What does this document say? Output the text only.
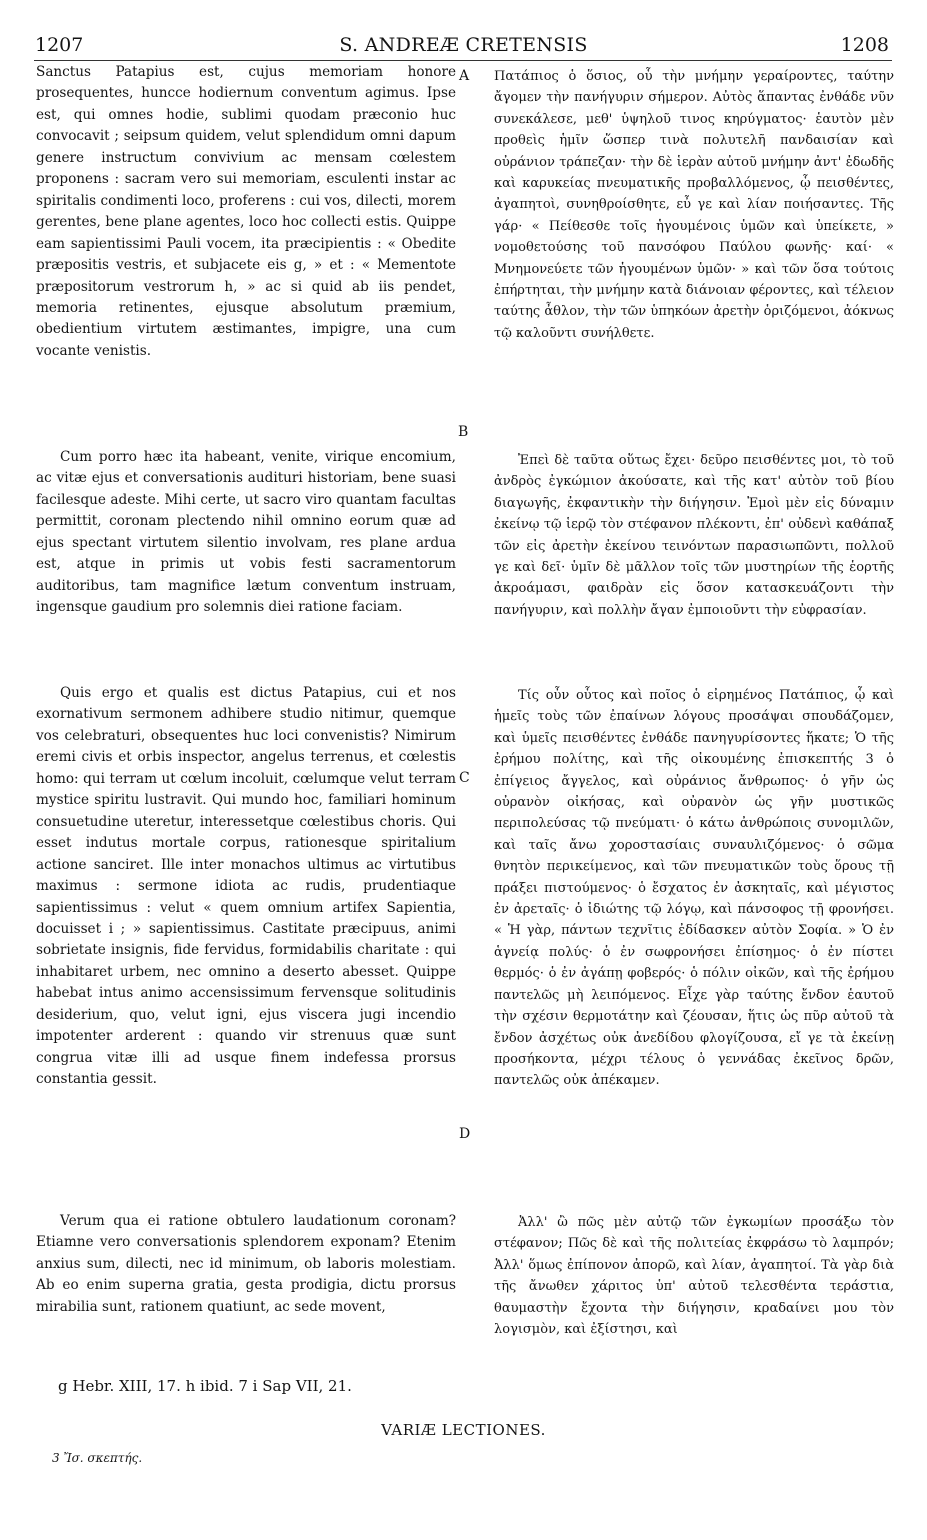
1207	S. ANDREÆ CRETENSIS	1208
A
B
C
D

Sanctus Patapius est, cujus memoriam honore prosequentes, huncce hodiernum conventum agimus. Ipse est, qui omnes hodie, sublimi quodam præconio huc convocavit ; seipsum quidem, velut splendidum omni dapum genere instructum convivium ac mensam cœlestem proponens : sacram vero sui memoriam, esculenti instar ac spiritalis condimenti loco, proferens : cui vos, dilecti, morem gerentes, bene plane agentes, loco hoc collecti estis. Quippe eam sapientissimi Pauli vocem, ita præcipientis : « Obedite præpositis vestris, et subjacete eis g, » et : « Mementote præpositorum vestrorum h, » ac si quid ab iis pendet, memoria retinentes, ejusque absolutum præmium, obedientium virtutem æstimantes, impigre, una cum vocante venistis.

Cum porro hæc ita habeant, venite, virique encomium, ac vitæ ejus et conversationis audituri historiam, bene suasi facilesque adeste. Mihi certe, ut sacro viro quantam facultas permittit, coronam plectendo nihil omnino eorum quæ ad ejus spectant virtutem silentio involvam, res plane ardua est, atque in primis ut vobis festi sacramentorum auditoribus, tam magnifice lætum conventum instruam, ingensque gaudium pro solemnis diei ratione faciam.

Quis ergo et qualis est dictus Patapius, cui et nos exornativum sermonem adhibere studio nitimur, quemque vos celebraturi, obsequentes huc loci convenistis? Nimirum eremi civis et orbis inspector, angelus terrenus, et cœlestis homo: qui terram ut cœlum incoluit, cœlumque velut terram mystice spiritu lustravit. Qui mundo hoc, familiari hominum consuetudine uteretur, interessetque cœlestibus choris. Qui esset indutus mortale corpus, rationesque spiritalium actione sanciret. Ille inter monachos ultimus ac virtutibus maximus : sermone idiota ac rudis, prudentiaque sapientissimus : velut « quem omnium artifex Sapientia, docuisset i ; » sapientissimus. Castitate præcipuus, animi sobrietate insignis, fide fervidus, formidabilis charitate : qui inhabitaret urbem, nec omnino a deserto abesset. Quippe habebat intus animo accensissimum fervensque solitudinis desiderium, quo, velut igni, ejus viscera jugi incendio impotenter arderent : quando vir strenuus quæ sunt congrua vitæ illi ad usque finem indefessa prorsus constantia gessit.

Verum qua ei ratione obtulero laudationum coronam? Etiamne vero conversationis splendorem exponam? Etenim anxius sum, dilecti, nec id minimum, ob laboris molestiam. Ab eo enim superna gratia, gesta prodigia, dictu prorsus mirabilia sunt, rationem quatiunt, ac sede movent,

Πατάπιος ὁ ὅσιος, οὗ τὴν μνήμην γεραίροντες, ταύτην ἄγομεν τὴν πανήγυριν σήμερον. Αὐτὸς ἅπαντας ἐνθάδε νῦν συνεκάλεσε, μεθ' ὑψηλοῦ τινος κηρύγματος· ἑαυτὸν μὲν προθεὶς ἡμῖν ὥσπερ τινὰ πολυτελῆ πανδαισίαν καὶ οὐράνιον τράπεζαν· τὴν δὲ ἱερὰν αὐτοῦ μνήμην ἀντ' ἐδωδῆς καὶ καρυκείας πνευματικῆς προβαλλόμενος, ᾧ πεισθέντες, ἀγαπητοὶ, συνηθροίσθητε, εὖ γε καὶ λίαν ποιήσαντες. Τῆς γάρ· « Πείθεσθε τοῖς ἡγουμένοις ὑμῶν καὶ ὑπείκετε, » νομοθετούσης τοῦ πανσόφου Παύλου φωνῆς· καί· « Μνημονεύετε τῶν ἡγουμένων ὑμῶν· » καὶ τῶν ὅσα τούτοις ἐπήρτηται, τὴν μνήμην κατὰ διάνοιαν φέροντες, καὶ τέλειον ταύτης ἆθλον, τὴν τῶν ὑπηκόων ἀρετὴν ὁριζόμενοι, ἀόκνως τῷ καλοῦντι συνήλθετε.

Ἐπεὶ δὲ ταῦτα οὕτως ἔχει· δεῦρο πεισθέντες μοι, τὸ τοῦ ἀνδρὸς ἐγκώμιον ἀκούσατε, καὶ τῆς κατ' αὐτὸν τοῦ βίου διαγωγῆς, ἐκφαντικὴν τὴν διήγησιν. Ἐμοὶ μὲν εἰς δύναμιν ἐκείνῳ τῷ ἱερῷ τὸν στέφανον πλέκοντι, ἐπ' οὐδενὶ καθάπαξ τῶν εἰς ἀρετὴν ἐκείνου τεινόντων παρασιωπῶντι, πολλοῦ γε καὶ δεῖ· ὑμῖν δὲ μᾶλλον τοῖς τῶν μυστηρίων τῆς ἑορτῆς ἀκροάμασι, φαιδρὰν εἰς ὅσον κατασκευάζοντι τὴν πανήγυριν, καὶ πολλὴν ἄγαν ἐμποιοῦντι τὴν εὐφρασίαν.

Τίς οὖν οὗτος καὶ ποῖος ὁ εἰρημένος Πατάπιος, ᾧ καὶ ἡμεῖς τοὺς τῶν ἐπαίνων λόγους προσάψαι σπουδάζομεν, καὶ ὑμεῖς πεισθέντες ἐνθάδε πανηγυρίσοντες ἥκατε; Ὁ τῆς ἐρήμου πολίτης, καὶ τῆς οἰκουμένης ἐπισκεπτής 3 ὁ ἐπίγειος ἄγγελος, καὶ οὐράνιος ἄνθρωπος· ὁ γῆν ὡς οὐρανὸν οἰκήσας, καὶ οὐρανὸν ὡς γῆν μυστικῶς περιπολεύσας τῷ πνεύματι· ὁ κάτω ἀνθρώποις συνομιλῶν, καὶ ταῖς ἄνω χοροστασίαις συναυλιζόμενος· ὁ σῶμα θνητὸν περικείμενος, καὶ τῶν πνευματικῶν τοὺς ὅρους τῇ πράξει πιστούμενος· ὁ ἔσχατος ἐν ἀσκηταῖς, καὶ μέγιστος ἐν ἀρεταῖς· ὁ ἰδιώτης τῷ λόγῳ, καὶ πάνσοφος τῇ φρονήσει. « Ἡ γὰρ, πάντων τεχνῖτις ἐδίδασκεν αὐτὸν Σοφία. » Ὁ ἐν ἁγνείᾳ πολύς· ὁ ἐν σωφρονήσει ἐπίσημος· ὁ ἐν πίστει θερμός· ὁ ἐν ἀγάπῃ φοβερός· ὁ πόλιν οἰκῶν, καὶ τῆς ἐρήμου παντελῶς μὴ λειπόμενος. Εἶχε γὰρ ταύτης ἔνδον ἑαυτοῦ τὴν σχέσιν θερμοτάτην καὶ ζέουσαν, ἥτις ὡς πῦρ αὐτοῦ τὰ ἔνδον ἀσχέτως οὐκ ἀνεδίδου φλογίζουσα, εἴ γε τὰ ἐκείνῃ προσήκοντα, μέχρι τέλους ὁ γεννάδας ἐκεῖνος δρῶν, παντελῶς οὐκ ἀπέκαμεν.

Ἀλλ' ὢ πῶς μὲν αὐτῷ τῶν ἐγκωμίων προσάξω τὸν στέφανον; Πῶς δὲ καὶ τῆς πολιτείας ἐκφράσω τὸ λαμπρόν; Ἀλλ' ὅμως ἐπίπονον ἀπορῶ, καὶ λίαν, ἀγαπητοί. Τὰ γὰρ διὰ τῆς ἄνωθεν χάριτος ὑπ' αὐτοῦ τελεσθέντα τεράστια, θαυμαστὴν ἔχοντα τὴν διήγησιν, κραδαίνει μου τὸν λογισμὸν, καὶ ἐξίστησι, καὶ

g Hebr. XIII, 17. h ibid. 7 i Sap VII, 21.
VARIÆ LECTIONES.
3 Ἴσ. σκεπτής.
